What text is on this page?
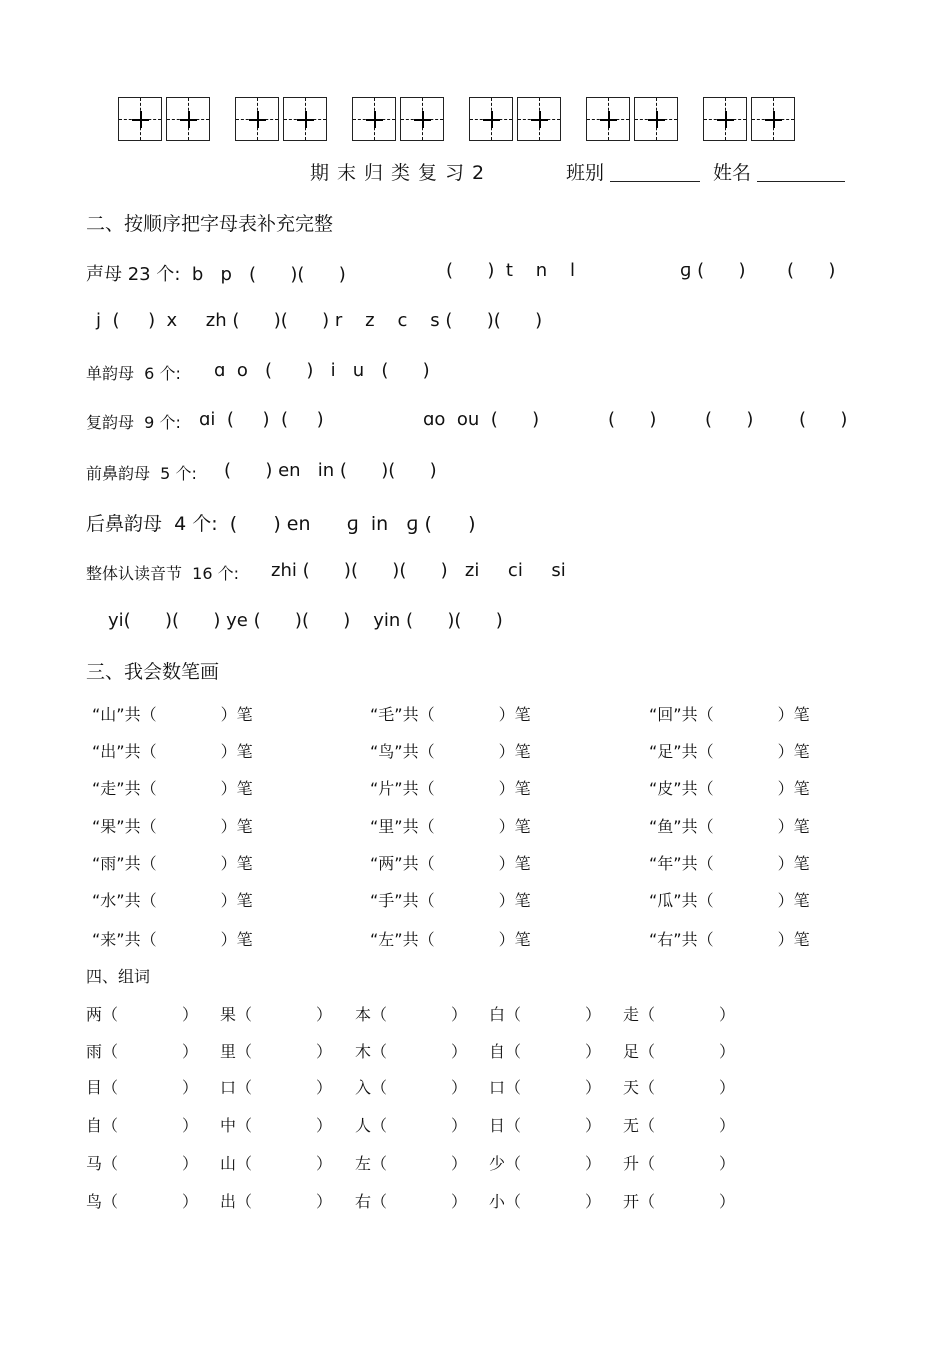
期末归类复习2	班别	姓名
二、按顺序把字母表补充完整
声母 23 个:  b   p   (      )(      )	(      )  t    n    l	ɡ (      ) (      )
j  (     )  x     zh (      )(      ) r    z    c    s (      )(      )
单韵母  6 个: ɑ  o   (      )   i   u   (      )
复韵母  9 个: ɑi  (     )  (     )	ɑo  ou  (      )	(      )	(      )	(      )
前鼻韵母  5 个: (      ) en   in (      )(      )
后鼻韵母  4 个:  (      ) en      ɡ  in   ɡ (      )
整体认读音节  16 个: zhi (      )(      )(      )   zi     ci     si
yi(      )(      ) ye (      )(      )    yin (      )(      )
三、我会数笔画
“山”共（　　　　）笔	“毛”共（　　　　）笔	“回”共（　　　　）笔
“出”共（　　　　）笔	“鸟”共（　　　　）笔	“足”共（　　　　）笔
“走”共（　　　　）笔	“片”共（　　　　）笔	“皮”共（　　　　）笔
“果”共（　　　　）笔	“里”共（　　　　）笔	“鱼”共（　　　　）笔
“雨”共（　　　　）笔	“两”共（　　　　）笔	“年”共（　　　　）笔
“水”共（　　　　）笔	“手”共（　　　　）笔	“瓜”共（　　　　）笔
“来”共（　　　　）笔	“左”共（　　　　）笔	“右”共（　　　　）笔
四、组词
两（　　　　） 果（　　　　） 本（　　　　） 白（　　　　） 走（　　　　）
雨（　　　　） 里（　　　　） 木（　　　　） 自（　　　　） 足（　　　　）
目（　　　　） 口（　　　　） 入（　　　　） 口（　　　　） 天（　　　　）
自（　　　　） 中（　　　　） 人（　　　　） 日（　　　　） 无（　　　　）
马（　　　　） 山（　　　　） 左（　　　　） 少（　　　　） 升（　　　　）
鸟（　　　　） 出（　　　　） 右（　　　　） 小（　　　　） 开（　　　　）
